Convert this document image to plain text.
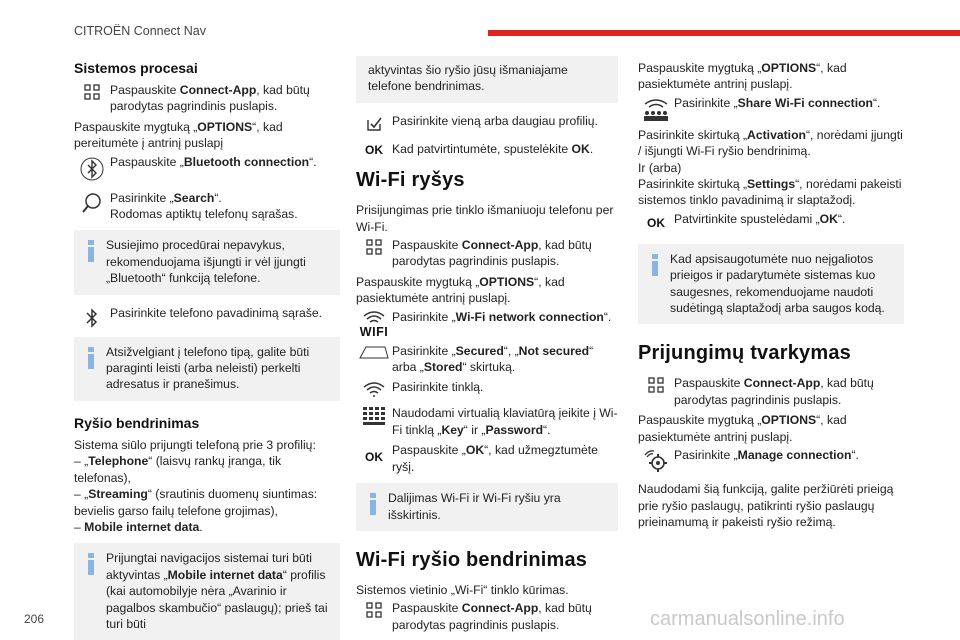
CITROËN Connect Nav
Sistemos procesai
Paspauskite Connect-App, kad būtų parodytas pagrindinis puslapis.
Paspauskite mygtuką „OPTIONS“, kad pereitumėte į antrinį puslapį
Paspauskite „Bluetooth connection“.
Pasirinkite „Search“.
Rodomas aptiktų telefonų sąrašas.
Susiejimo procedūrai nepavykus, rekomenduojama išjungti ir vėl įjungti „Bluetooth“ funkciją telefone.
Pasirinkite telefono pavadinimą sąraše.
Atsižvelgiant į telefono tipą, galite būti paraginti leisti (arba neleisti) perkelti adresatus ir pranešimus.
Ryšio bendrinimas
Sistema siūlo prijungti telefoną prie 3 profilių:
– „Telephone“ (laisvų rankų įranga, tik telefonas),
– „Streaming“ (srautinis duomenų siuntimas: bevielis garso failų telefone grojimas),
– Mobile internet data.
Prijungtai navigacijos sistemai turi būti aktyvintas „Mobile internet data“ profilis (kai automobilyje nėra „Avarinio ir pagalbos skambučio“ paslaugų); prieš tai turi būti
aktyvintas šio ryšio jūsų išmaniajame telefone bendrinimas.
Pasirinkite vieną arba daugiau profilių.
OK Kad patvirtintumėte, spustelėkite OK.
Wi-Fi ryšys
Prisijungimas prie tinklo išmaniuoju telefonu per Wi-Fi.
Paspauskite Connect-App, kad būtų parodytas pagrindinis puslapis.
Paspauskite mygtuką „OPTIONS“, kad pasiektumėte antrinį puslapį.
WIFI
Pasirinkite „Wi-Fi network connection“.
Pasirinkite „Secured“, „Not secured“ arba „Stored“ skirtuką.
Pasirinkite tinklą.
Naudodami virtualią klaviatūrą įeikite į Wi-Fi tinklą „Key“ ir „Password“.
OK Paspauskite „OK“, kad užmegztumėte ryšį.
Dalijimas Wi-Fi ir Wi-Fi ryšiu yra išskirtinis.
Wi-Fi ryšio bendrinimas
Sistemos vietinio „Wi-Fi“ tinklo kūrimas.
Paspauskite Connect-App, kad būtų parodytas pagrindinis puslapis.
Paspauskite mygtuką „OPTIONS“, kad pasiektumėte antrinį puslapį.
Pasirinkite „Share Wi-Fi connection“.
Pasirinkite skirtuką „Activation“, norėdami įjungti / išjungti Wi-Fi ryšio bendrinimą.
Ir (arba)
Pasirinkite skirtuką „Settings“, norėdami pakeisti sistemos tinklo pavadinimą ir slaptažodį.
OK Patvirtinkite spustelėdami „OK“.
Kad apsisaugotumėte nuo neįgaliotos prieigos ir padarytumėte sistemas kuo saugesnes, rekomenduojame naudoti sudėtingą slaptažodį arba saugos kodą.
Prijungimų tvarkymas
Paspauskite Connect-App, kad būtų parodytas pagrindinis puslapis.
Paspauskite mygtuką „OPTIONS“, kad pasiektumėte antrinį puslapį.
Pasirinkite „Manage connection“.
Naudodami šią funkciją, galite peržiūrėti prieigą prie ryšio paslaugų, patikrinti ryšio paslaugų prieinamumą ir pakeisti ryšio režimą.
206	carmanualsonline.info
